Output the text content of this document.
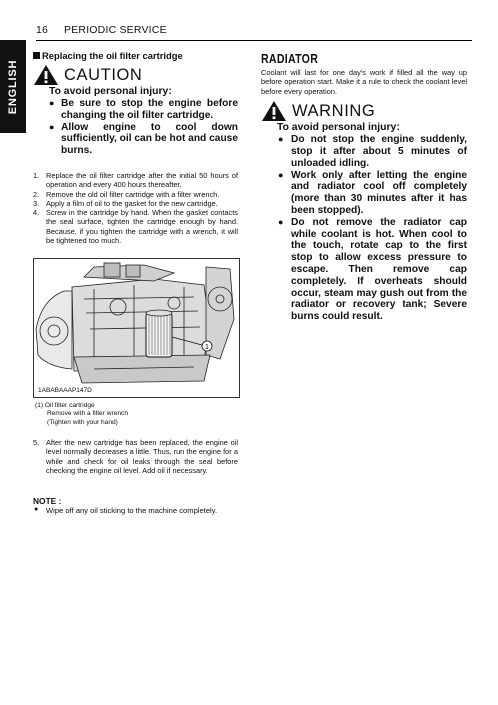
16 PERIODIC SERVICE
ENGLISH
Replacing the oil filter cartridge
CAUTION
To avoid personal injury:
● Be sure to stop the engine before changing the oil filter cartridge.
● Allow engine to cool down sufficiently, oil can be hot and cause burns.
1. Replace the oil filter cartridge after the initial 50 hours of operation and every 400 hours thereafter.
2. Remove the old oil filter cartridge with a filter wrench.
3. Apply a film of oil to the gasket for the new cartridge.
4. Screw in the cartridge by hand. When the gasket contacts the seal surface, tighten the cartridge enough by hand. Because, if you tighten the cartridge with a wrench, it will be tightened too much.
1
1ABABAAAP147D
(1) Oil filter cartridge
Remove with a filter wrench
(Tighten with your hand)
5. After the new cartridge has been replaced, the engine oil level normally decreases a little. Thus, run the engine for a while and check for oil leaks through the seal before checking the engine oil level. Add oil if necessary.
NOTE :
● Wipe off any oil sticking to the machine completely.
RADIATOR
Coolant will last for one day's work if filled all the way up before operation start. Make it a rule to check the coolant level before every operation.
WARNING
To avoid personal injury:
● Do not stop the engine suddenly, stop it after about 5 minutes of unloaded idling.
● Work only after letting the engine and radiator cool off completely (more than 30 minutes after it has been stopped).
● Do not remove the radiator cap while coolant is hot. When cool to the touch, rotate cap to the first stop to allow excess pressure to escape. Then remove cap completely. If overheats should occur, steam may gush out from the radiator or recovery tank; Severe burns could result.
